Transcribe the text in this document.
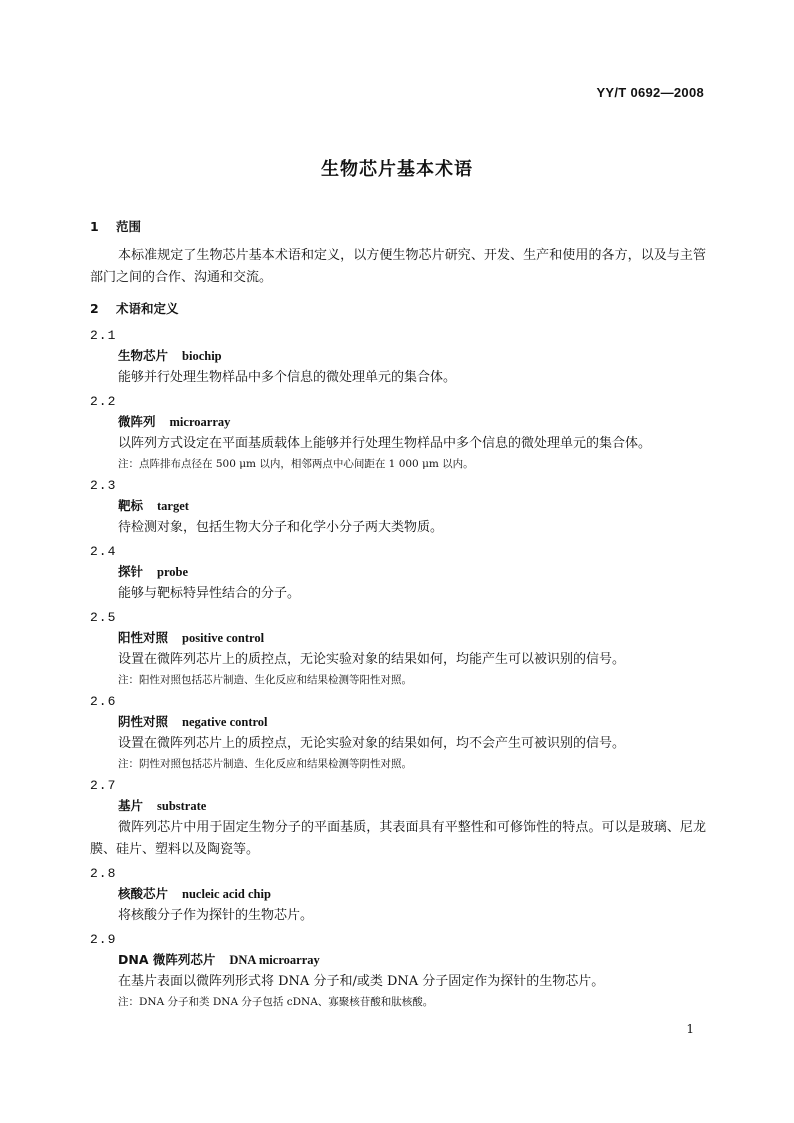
YY/T 0692—2008
生物芯片基本术语
1 范围

本标准规定了生物芯片基本术语和定义，以方便生物芯片研究、开发、生产和使用的各方，以及与主管部门之间的合作、沟通和交流。

2 术语和定义
2.1
生物芯片 biochip
能够并行处理生物样品中多个信息的微处理单元的集合体。
2.2
微阵列 microarray
以阵列方式设定在平面基质载体上能够并行处理生物样品中多个信息的微处理单元的集合体。
注：点阵排布点径在 500 μm 以内，相邻两点中心间距在 1 000 μm 以内。
2.3
靶标 target
待检测对象，包括生物大分子和化学小分子两大类物质。
2.4
探针 probe
能够与靶标特异性结合的分子。
2.5
阳性对照 positive control
设置在微阵列芯片上的质控点，无论实验对象的结果如何，均能产生可以被识别的信号。
注：阳性对照包括芯片制造、生化反应和结果检测等阳性对照。
2.6
阴性对照 negative control
设置在微阵列芯片上的质控点，无论实验对象的结果如何，均不会产生可被识别的信号。
注：阴性对照包括芯片制造、生化反应和结果检测等阴性对照。
2.7
基片 substrate
微阵列芯片中用于固定生物分子的平面基质，其表面具有平整性和可修饰性的特点。可以是玻璃、尼龙膜、硅片、塑料以及陶瓷等。
2.8
核酸芯片 nucleic acid chip
将核酸分子作为探针的生物芯片。
2.9
DNA 微阵列芯片 DNA microarray
在基片表面以微阵列形式将 DNA 分子和/或类 DNA 分子固定作为探针的生物芯片。
注：DNA 分子和类 DNA 分子包括 cDNA、寡聚核苷酸和肽核酸。
1
